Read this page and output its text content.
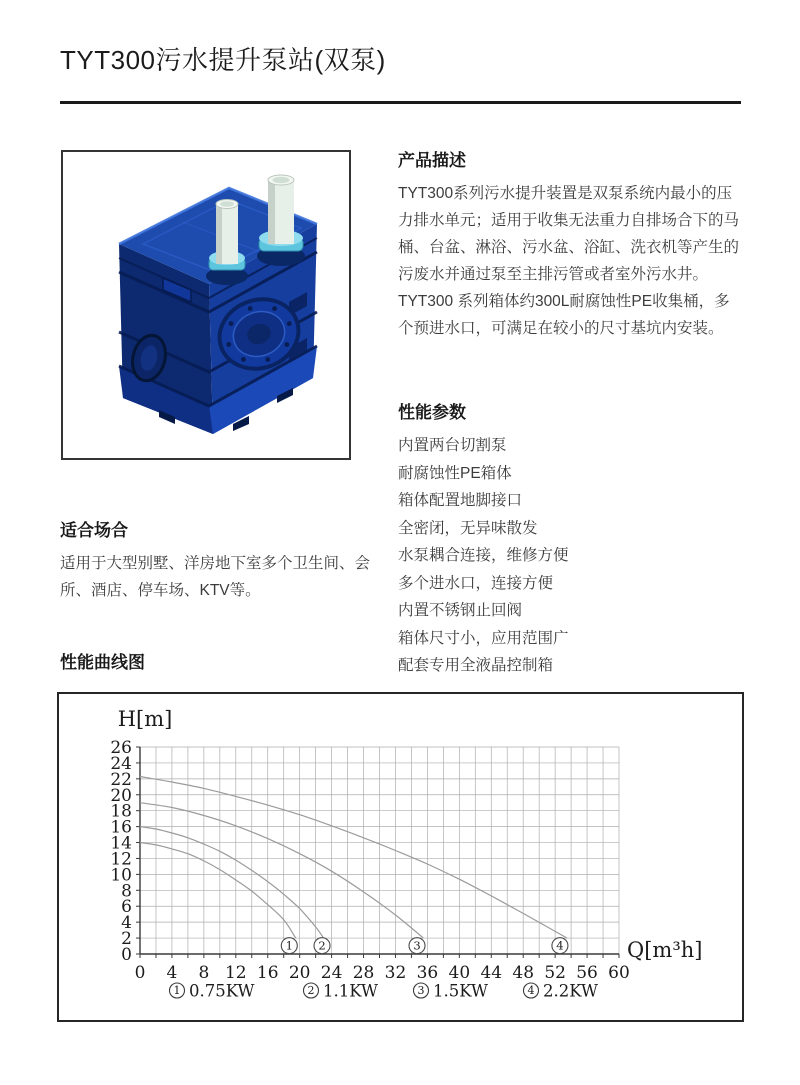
TYT300污水提升泵站(双泵)
产品描述

TYT300系列污水提升装置是双泵系统内最小的压力排水单元；适用于收集无法重力自排场合下的马桶、台盆、淋浴、污水盆、浴缸、洗衣机等产生的污废水并通过泵至主排污管或者室外污水井。

TYT300 系列箱体约300L耐腐蚀性PE收集桶，多个预进水口，可满足在较小的尺寸基坑内安装。

性能参数
内置两台切割泵
耐腐蚀性PE箱体
箱体配置地脚接口
全密闭，无异味散发
水泵耦合连接，维修方便
多个进水口，连接方便
内置不锈钢止回阀
箱体尺寸小，应用范围广
配套专用全液晶控制箱
适合场合

适用于大型别墅、洋房地下室多个卫生间、会所、酒店、停车场、KTV等。

性能曲线图
0 4 8 12 16 20 24 28 32 36 40 44 48 52 56 60
0
2
4
6
8
10
12
14
16
18
20
22
24
26
H[m]
Q[m³h]
1 2	3	4
1 0.75KW	2 1.1KW	3 1.5KW	4 2.2KW
